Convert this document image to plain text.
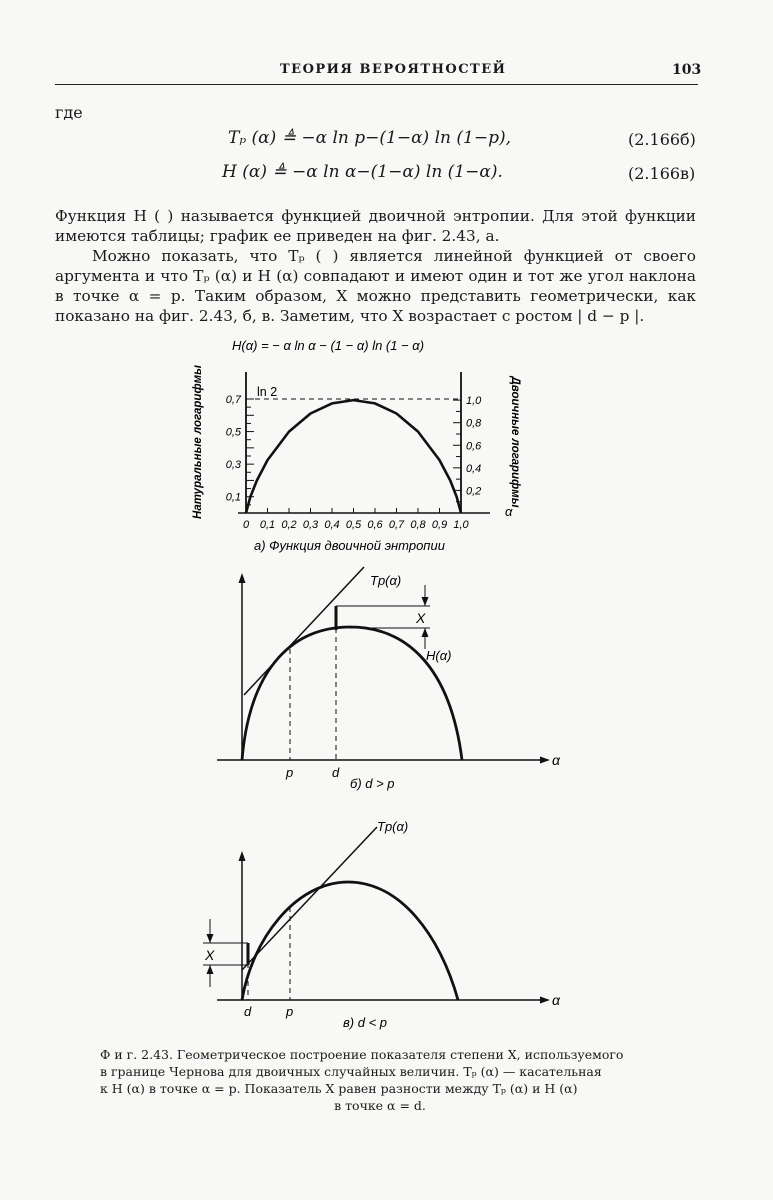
ТЕОРИЯ ВЕРОЯТНОСТЕЙ	103
где
Tₚ (α) ≜ −α ln p−(1−α) ln (1−p),	(2.166б)
H (α) ≜ −α ln α−(1−α) ln (1−α).	(2.166в)

Функция H ( ) называется функцией двоичной энтропии. Для этой функции имеются таблицы; график ее приведен на фиг. 2.43, а.

Можно показать, что Tₚ ( ) является линейной функцией от своего аргумента и что Tₚ (α) и H (α) совпадают и имеют один и тот же угол наклона в точке α = p. Таким образом, X можно представить геометрически, как показано на фиг. 2.43, б, в. Заметим, что X возрастает с ростом | d − p |.

H(α) = − α ln α − (1 − α) ln (1 − α)
0 0,1 0,2 0,3 0,4 0,5 0,6 0,7 0,8 0,9 1,0
0,1
0,3
0,5
0,7
0,2
0,4
0,6
0,8
1,0
ln 2
α
Натуральные логарифмы	Двоичные логарифмы
а) Функция двоичной энтропии
Tp(α)
X
H(α)
α
p	d
б) d > p
Tp(α)
X
α
d	p
в) d < p
Ф и г. 2.43. Геометрическое построение показателя степени X, используемого
в границе Чернова для двоичных случайных величин. Tₚ (α) — касательная
к H (α) в точке α = p. Показатель X равен разности между Tₚ (α) и H (α)
в точке α = d.
